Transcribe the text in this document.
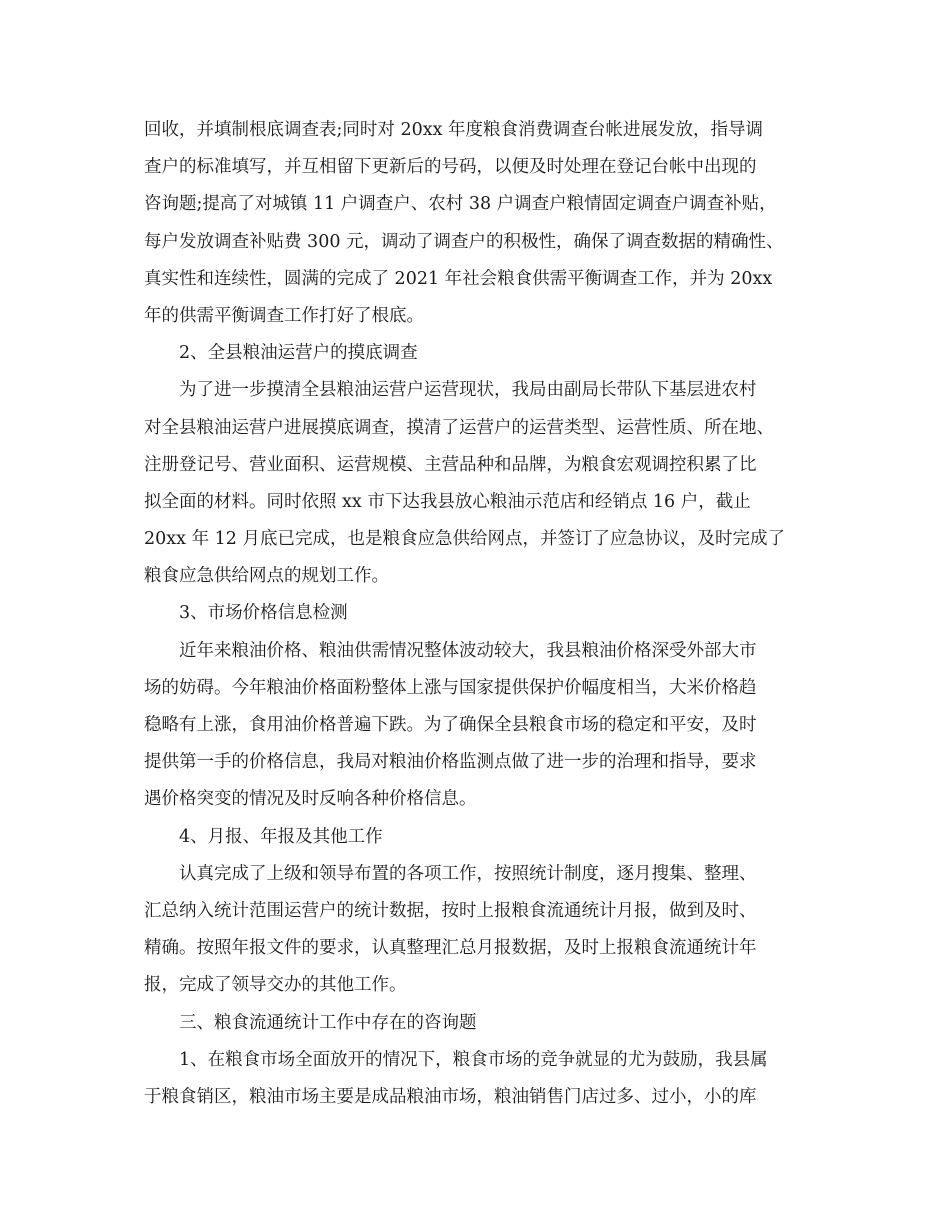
回收，并填制根底调查表;同时对 20xx 年度粮食消费调查台帐进展发放，指导调
查户的标准填写，并互相留下更新后的号码，以便及时处理在登记台帐中出现的
咨询题;提高了对城镇 11 户调查户、农村 38 户调查户粮情固定调查户调查补贴，
每户发放调查补贴费 300 元，调动了调查户的积极性，确保了调查数据的精确性、
真实性和连续性，圆满的完成了 2021 年社会粮食供需平衡调查工作，并为 20xx
年的供需平衡调查工作打好了根底。
2、全县粮油运营户的摸底调查
为了进一步摸清全县粮油运营户运营现状，我局由副局长带队下基层进农村
对全县粮油运营户进展摸底调查，摸清了运营户的运营类型、运营性质、所在地、
注册登记号、营业面积、运营规模、主营品种和品牌，为粮食宏观调控积累了比
拟全面的材料。同时依照 xx 市下达我县放心粮油示范店和经销点 16 户，截止
20xx 年 12 月底已完成，也是粮食应急供给网点，并签订了应急协议，及时完成了
粮食应急供给网点的规划工作。
3、市场价格信息检测
近年来粮油价格、粮油供需情况整体波动较大，我县粮油价格深受外部大市
场的妨碍。今年粮油价格面粉整体上涨与国家提供保护价幅度相当，大米价格趋
稳略有上涨，食用油价格普遍下跌。为了确保全县粮食市场的稳定和平安，及时
提供第一手的价格信息，我局对粮油价格监测点做了进一步的治理和指导，要求
遇价格突变的情况及时反响各种价格信息。
4、月报、年报及其他工作
认真完成了上级和领导布置的各项工作，按照统计制度，逐月搜集、整理、
汇总纳入统计范围运营户的统计数据，按时上报粮食流通统计月报，做到及时、
精确。按照年报文件的要求，认真整理汇总月报数据，及时上报粮食流通统计年
报，完成了领导交办的其他工作。
三、粮食流通统计工作中存在的咨询题
1、在粮食市场全面放开的情况下，粮食市场的竞争就显的尤为鼓励，我县属
于粮食销区，粮油市场主要是成品粮油市场，粮油销售门店过多、过小，小的库
